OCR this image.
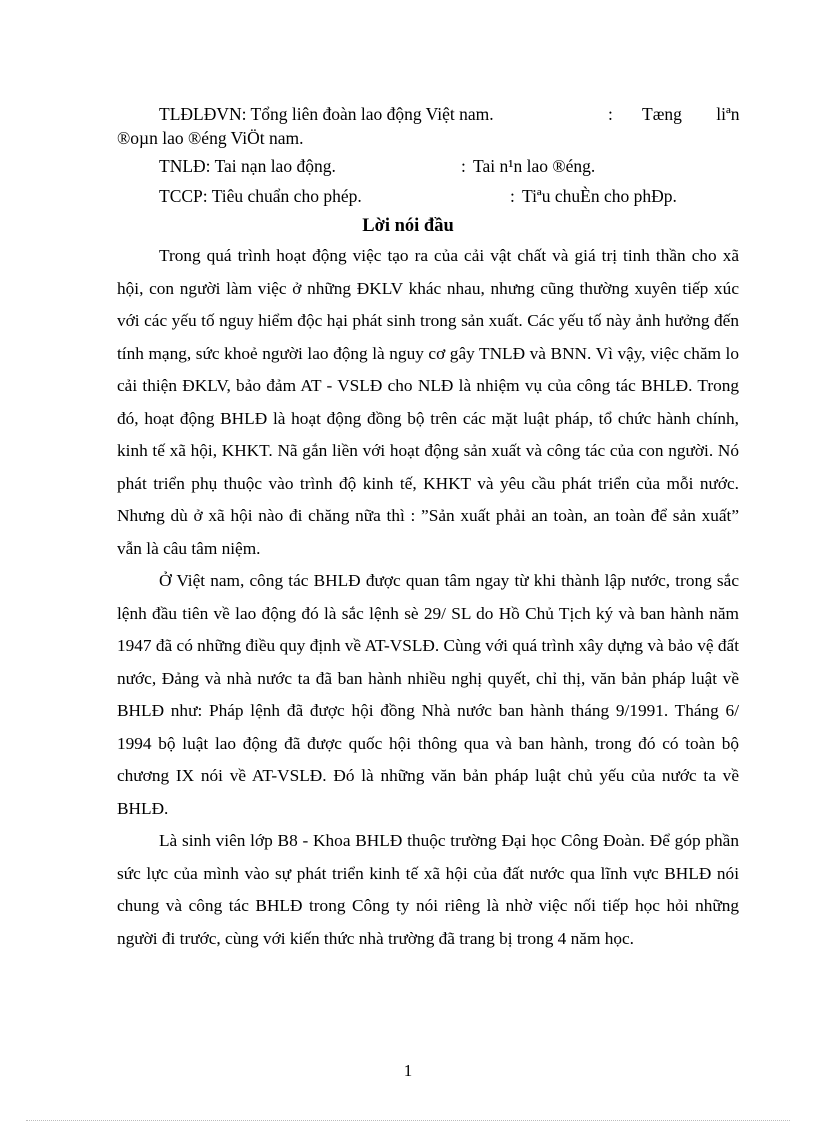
TLĐLĐVN: Tổng liên đoàn lao động Việt nam.	: Tæng liªn
®oµn lao ®éng ViÖt nam.
TNLĐ: Tai nạn lao động.	: Tai n¹n lao ®éng.
TCCP: Tiêu chuẩn cho phép.	: Tiªu chuÈn cho phÐp.
Lời nói đầu

Trong quá trình hoạt động việc tạo ra của cải vật chất và giá trị tinh thần cho xã hội, con người làm việc ở những ĐKLV khác nhau, nhưng cũng thường xuyên tiếp xúc với các yếu tố nguy hiểm độc hại phát sinh trong sản xuất. Các yếu tố này ảnh hưởng đến tính mạng, sức khoẻ người lao động là nguy cơ gây TNLĐ và BNN. Vì vậy, việc chăm lo cải thiện ĐKLV, bảo đảm AT - VSLĐ cho NLĐ là nhiệm vụ của công tác BHLĐ. Trong đó, hoạt động BHLĐ là hoạt động đồng bộ trên các mặt luật pháp, tổ chức hành chính, kinh tế xã hội, KHKT. Nã gắn liền với hoạt động sản xuất và công tác của con người. Nó phát triển phụ thuộc vào trình độ kinh tế, KHKT và yêu cầu phát triển của mỗi nước. Nhưng dù ở xã hội nào đi chăng nữa thì : ”Sản xuất phải an toàn, an toàn để sản xuất” vẫn là câu tâm niệm.

Ở Việt nam, công tác BHLĐ được quan tâm ngay từ khi thành lập nước, trong sắc lệnh đầu tiên về lao động đó là sắc lệnh sè 29/ SL do Hồ Chủ Tịch ký và ban hành năm 1947 đã có những điều quy định về AT-VSLĐ. Cùng với quá trình xây dựng và bảo vệ đất nước, Đảng và nhà nước ta đã ban hành nhiều nghị quyết, chỉ thị, văn bản pháp luật về BHLĐ như: Pháp lệnh đã được hội đồng Nhà nước ban hành tháng 9/1991. Tháng 6/ 1994 bộ luật lao động đã được quốc hội thông qua và ban hành, trong đó có toàn bộ chương IX nói về AT-VSLĐ. Đó là những văn bản pháp luật chủ yếu của nước ta về BHLĐ.

Là sinh viên lớp B8 - Khoa BHLĐ thuộc trường Đại học Công Đoàn. Để góp phần sức lực của mình vào sự phát triển kinh tế xã hội của đất nước qua lĩnh vực BHLĐ nói chung và công tác BHLĐ trong Công ty nói riêng là nhờ việc nối tiếp học hỏi những người đi trước, cùng với kiến thức nhà trường đã trang bị trong 4 năm học.

1
